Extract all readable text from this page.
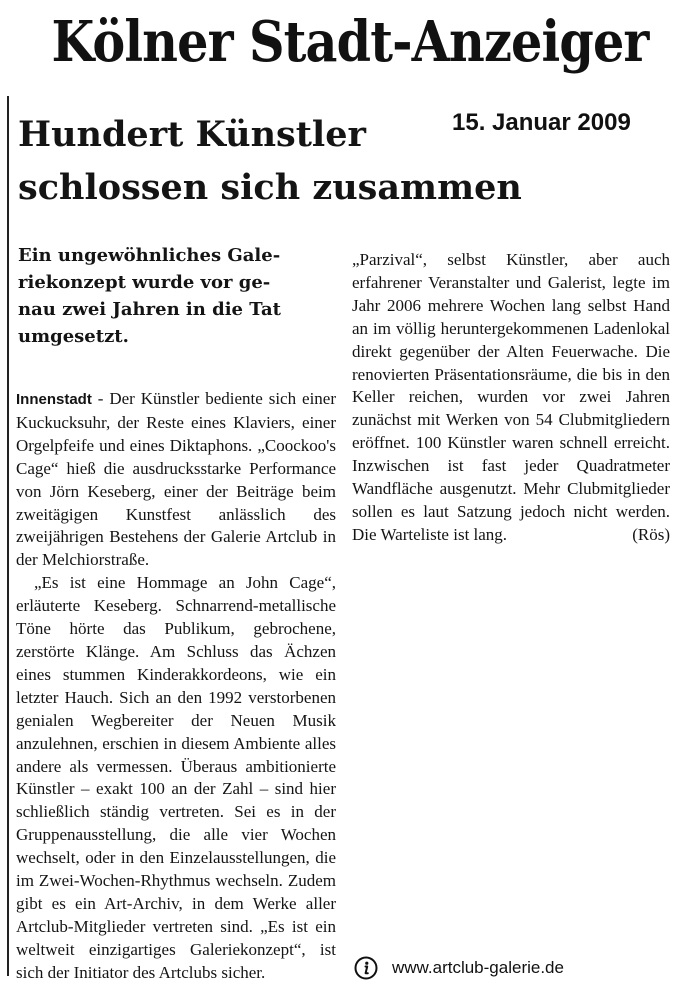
Kölner Stadt-Anzeiger
15. Januar 2009
Hundert Künstler
schlossen sich zusammen
Ein ungewöhnliches Gale-
riekonzept wurde vor ge-
nau zwei Jahren in die Tat
umgesetzt.

Innenstadt - Der Künstler bediente sich einer Kuckucksuhr, der Reste eines Klaviers, einer Orgelpfeife und eines Diktaphons. „Coockoo's Cage“ hieß die ausdrucksstarke Performance von Jörn Keseberg, einer der Beiträge beim zweitägigen Kunstfest anlässlich des zweijährigen Bestehens der Galerie Artclub in der Melchiorstraße.

„Es ist eine Hommage an John Cage“, erläuterte Keseberg. Schnarrend-metallische Töne hörte das Publikum, gebrochene, zerstörte Klänge. Am Schluss das Ächzen eines stummen Kinderakkordeons, wie ein letzter Hauch. Sich an den 1992 verstorbenen genialen Wegbereiter der Neuen Musik anzulehnen, erschien in diesem Ambiente alles andere als vermessen. Überaus ambitionierte Künstler – exakt 100 an der Zahl – sind hier schließlich ständig vertreten. Sei es in der Gruppenausstellung, die alle vier Wochen wechselt, oder in den Einzelausstellungen, die im Zwei-Wochen-Rhythmus wechseln. Zudem gibt es ein Art-Archiv, in dem Werke aller Artclub-Mitglieder vertreten sind. „Es ist ein weltweit einzigartiges Galeriekonzept“, ist sich der Initiator des Artclubs sicher.

„Parzival“, selbst Künstler, aber auch erfahrener Veranstalter und Galerist, legte im Jahr 2006 mehrere Wochen lang selbst Hand an im völlig heruntergekommenen Ladenlokal direkt gegenüber der Alten Feuerwache. Die renovierten Präsentationsräume, die bis in den Keller reichen, wurden vor zwei Jahren zunächst mit Werken von 54 Clubmitgliedern eröffnet. 100 Künstler waren schnell erreicht. Inzwischen ist fast jeder Quadratmeter Wandfläche ausgenutzt. Mehr Clubmitglieder sollen es laut Satzung jedoch nicht werden. Die Warteliste ist lang.	(Rös)

www.artclub-galerie.de
